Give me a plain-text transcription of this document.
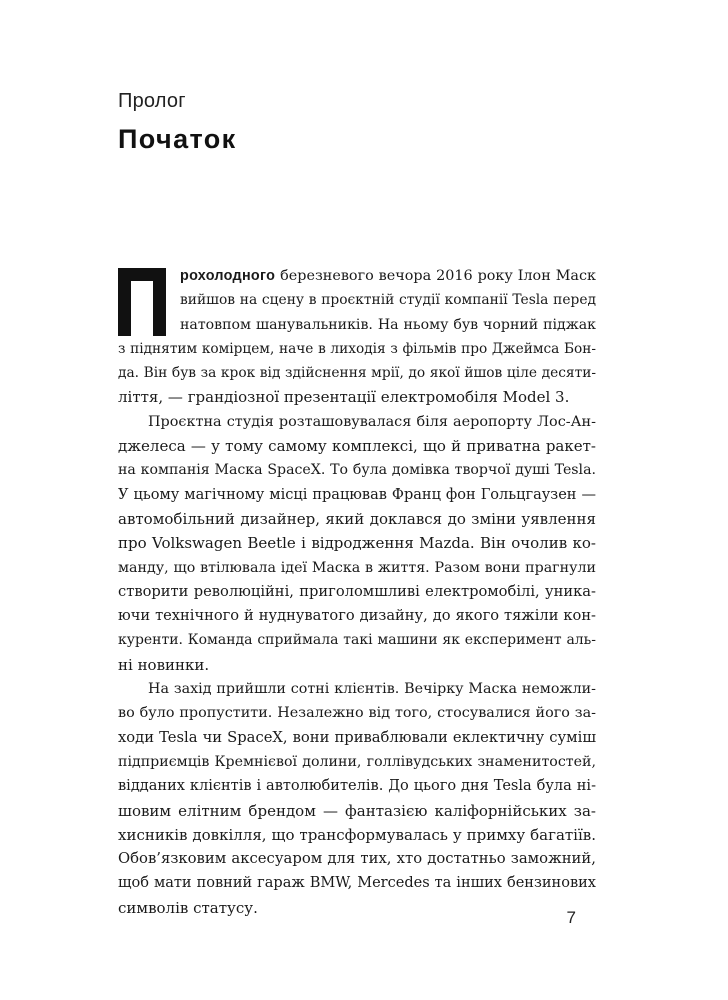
Пролог
Початок
рохолодного березневого вечора 2016 року Ілон Маск
вийшов на сцену в проєктній студії компанії Tesla перед
натовпом шанувальників. На ньому був чорний піджак
з піднятим комірцем, наче в лиходія з фільмів про Джеймса Бон-
да. Він був за крок від здійснення мрії, до якої йшов ціле десяти-
ліття, — грандіозної презентації електромобіля Model 3.
Проєктна студія розташовувалася біля аеропорту Лос-Ан-
джелеса — у тому самому комплексі, що й приватна ракет-
на компанія Маска SpaceX. То була домівка творчої душі Tesla.
У цьому магічному місці працював Франц фон Гольцгаузен —
автомобільний дизайнер, який доклався до зміни уявлення
про Volkswagen Beetle і відродження Mazda. Він очолив ко-
манду, що втілювала ідеї Маска в життя. Разом вони прагнули
створити революційні, приголомшливі електромобілі, уника-
ючи технічного й нуднуватого дизайну, до якого тяжіли кон-
куренти. Команда сприймала такі машини як експеримент аль-
ні новинки.
На захід прийшли сотні клієнтів. Вечірку Маска неможли-
во було пропустити. Незалежно від того, стосувалися його за-
ходи Tesla чи SpaceX, вони приваблювали еклектичну суміш
підприємців Кремнієвої долини, голлівудських знаменитостей,
відданих клієнтів і автолюбителів. До цього дня Tesla була ні-
шовим елітним брендом — фантазією каліфорнійських за-
хисників довкілля, що трансформувалась у примху багатіїв.
Обов’язковим аксесуаром для тих, хто достатньо заможний,
щоб мати повний гараж BMW, Mercedes та інших бензинових
символів статусу.
7
